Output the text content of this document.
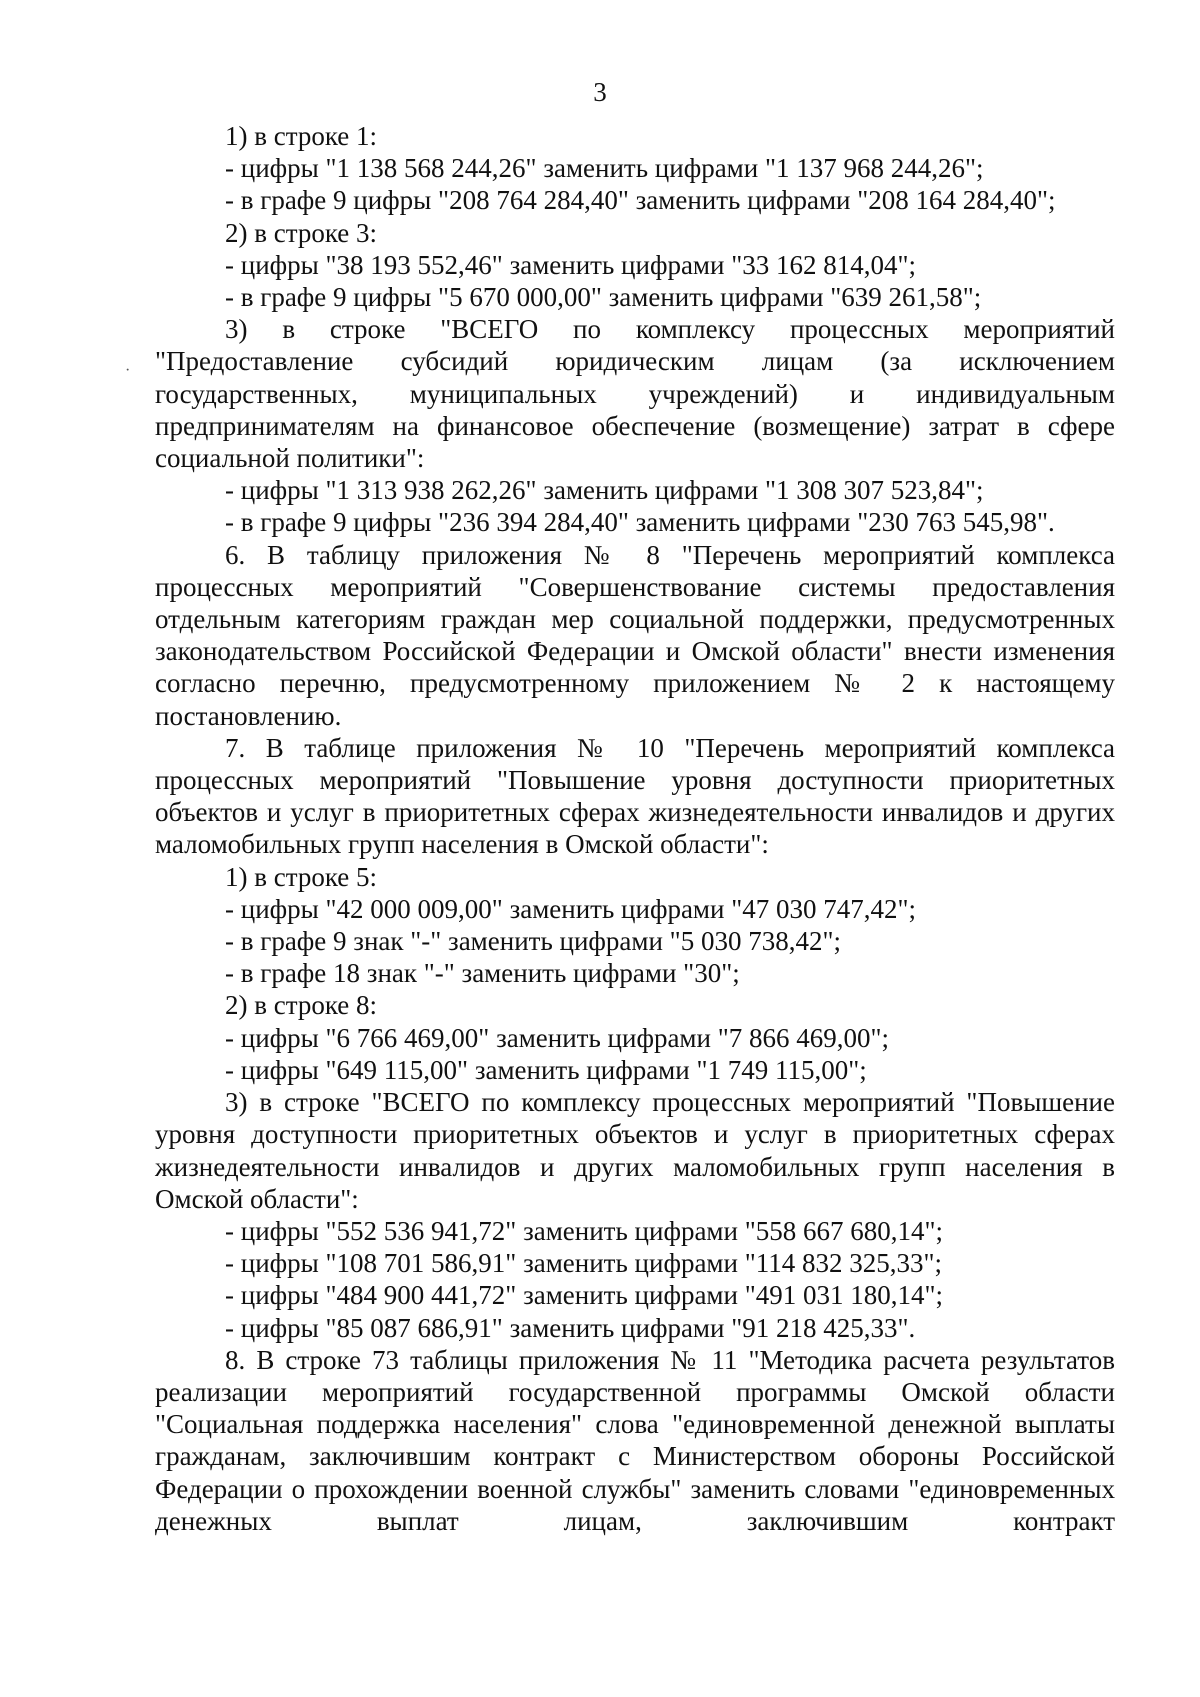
3
·
1) в строке 1:
- цифры "1 138 568 244,26" заменить цифрами "1 137 968 244,26";
- в графе 9 цифры "208 764 284,40" заменить цифрами "208 164 284,40";
2) в строке 3:
- цифры "38 193 552,46" заменить цифрами "33 162 814,04";
- в графе 9 цифры "5 670 000,00" заменить цифрами "639 261,58";
3) в строке "ВСЕГО по комплексу процессных мероприятий "Предоставление субсидий юридическим лицам (за исключением государственных, муниципальных учреждений) и индивидуальным предпринимателям на финансовое обеспечение (возмещение) затрат в сфере социальной политики":
- цифры "1 313 938 262,26" заменить цифрами "1 308 307 523,84";
- в графе 9 цифры "236 394 284,40" заменить цифрами "230 763 545,98".
6. В таблицу приложения № 8 "Перечень мероприятий комплекса процессных мероприятий "Совершенствование системы предоставления отдельным категориям граждан мер социальной поддержки, предусмотренных законодательством Российской Федерации и Омской области" внести изменения согласно перечню, предусмотренному приложением № 2 к настоящему постановлению.
7. В таблице приложения № 10 "Перечень мероприятий комплекса процессных мероприятий "Повышение уровня доступности приоритетных объектов и услуг в приоритетных сферах жизнедеятельности инвалидов и других маломобильных групп населения в Омской области":
1) в строке 5:
- цифры "42 000 009,00" заменить цифрами "47 030 747,42";
- в графе 9 знак "-" заменить цифрами "5 030 738,42";
- в графе 18 знак "-" заменить цифрами "30";
2) в строке 8:
- цифры "6 766 469,00" заменить цифрами "7 866 469,00";
- цифры "649 115,00" заменить цифрами "1 749 115,00";
3) в строке "ВСЕГО по комплексу процессных мероприятий "Повышение уровня доступности приоритетных объектов и услуг в приоритетных сферах жизнедеятельности инвалидов и других маломобильных групп населения в Омской области":
- цифры "552 536 941,72" заменить цифрами "558 667 680,14";
- цифры "108 701 586,91" заменить цифрами "114 832 325,33";
- цифры "484 900 441,72" заменить цифрами "491 031 180,14";
- цифры "85 087 686,91" заменить цифрами "91 218 425,33".
8. В строке 73 таблицы приложения № 11 "Методика расчета результатов реализации мероприятий государственной программы Омской области "Социальная поддержка населения" слова "единовременной денежной выплаты гражданам, заключившим контракт с Министерством обороны Российской Федерации о прохождении военной службы" заменить словами "единовременных денежных выплат лицам, заключившим контракт
